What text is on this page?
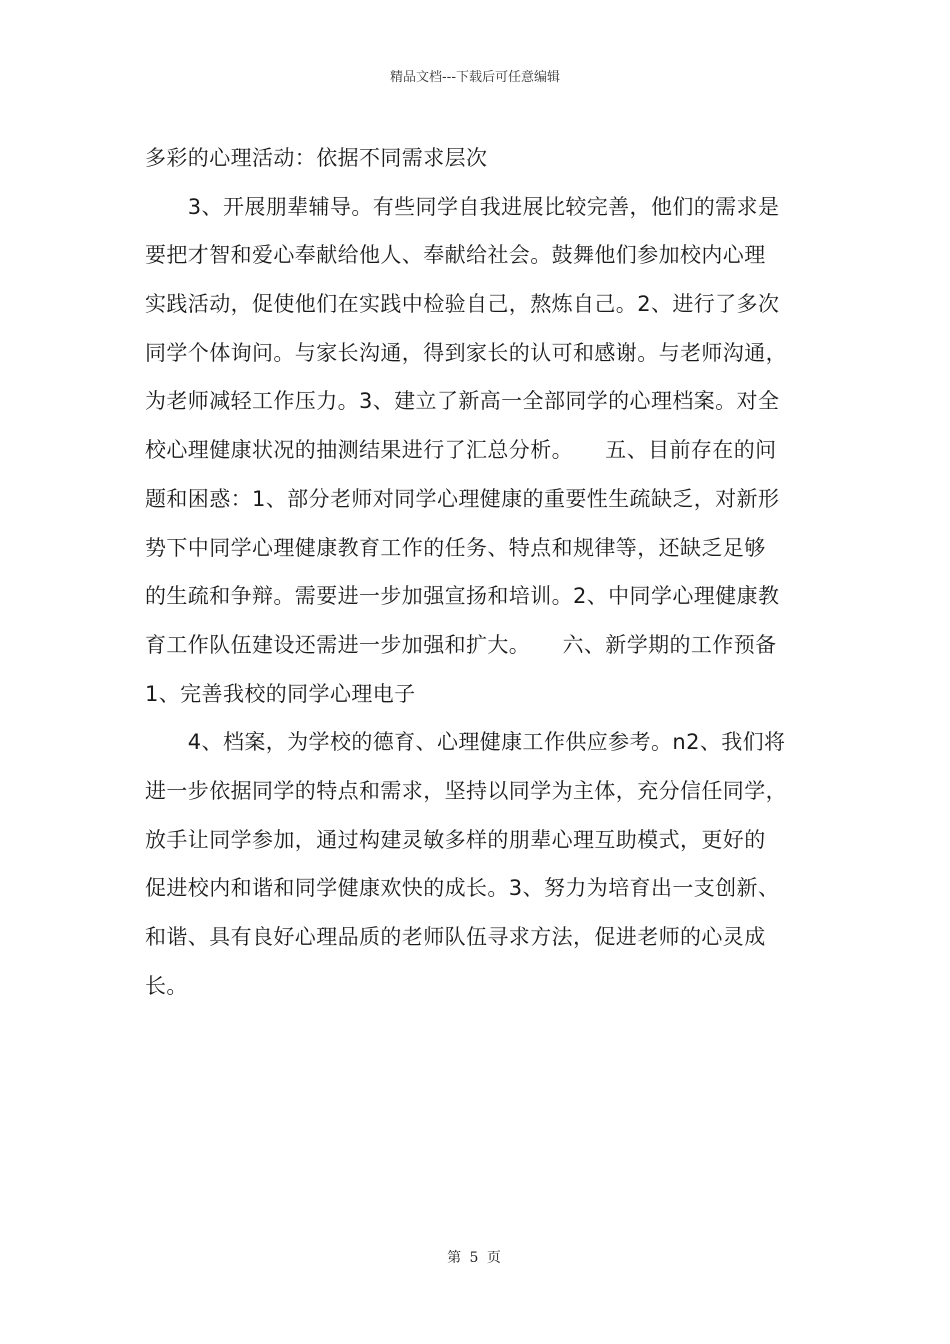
精品文档---下载后可任意编辑
多彩的心理活动：依据不同需求层次
　　3、开展朋辈辅导。有些同学自我进展比较完善，他们的需求是
要把才智和爱心奉献给他人、奉献给社会。鼓舞他们参加校内心理
实践活动，促使他们在实践中检验自己，熬炼自己。2、进行了多次
同学个体询问。与家长沟通，得到家长的认可和感谢。与老师沟通，
为老师减轻工作压力。3、建立了新高一全部同学的心理档案。对全
校心理健康状况的抽测结果进行了汇总分析。　　五、目前存在的问
题和困惑：1、部分老师对同学心理健康的重要性生疏缺乏，对新形
势下中同学心理健康教育工作的任务、特点和规律等，还缺乏足够
的生疏和争辩。需要进一步加强宣扬和培训。2、中同学心理健康教
育工作队伍建设还需进一步加强和扩大。　　六、新学期的工作预备
1、完善我校的同学心理电子
　　4、档案，为学校的德育、心理健康工作供应参考。n2、我们将
进一步依据同学的特点和需求，坚持以同学为主体，充分信任同学，
放手让同学参加，通过构建灵敏多样的朋辈心理互助模式，更好的
促进校内和谐和同学健康欢快的成长。3、努力为培育出一支创新、
和谐、具有良好心理品质的老师队伍寻求方法，促进老师的心灵成
长。
第 5 页
